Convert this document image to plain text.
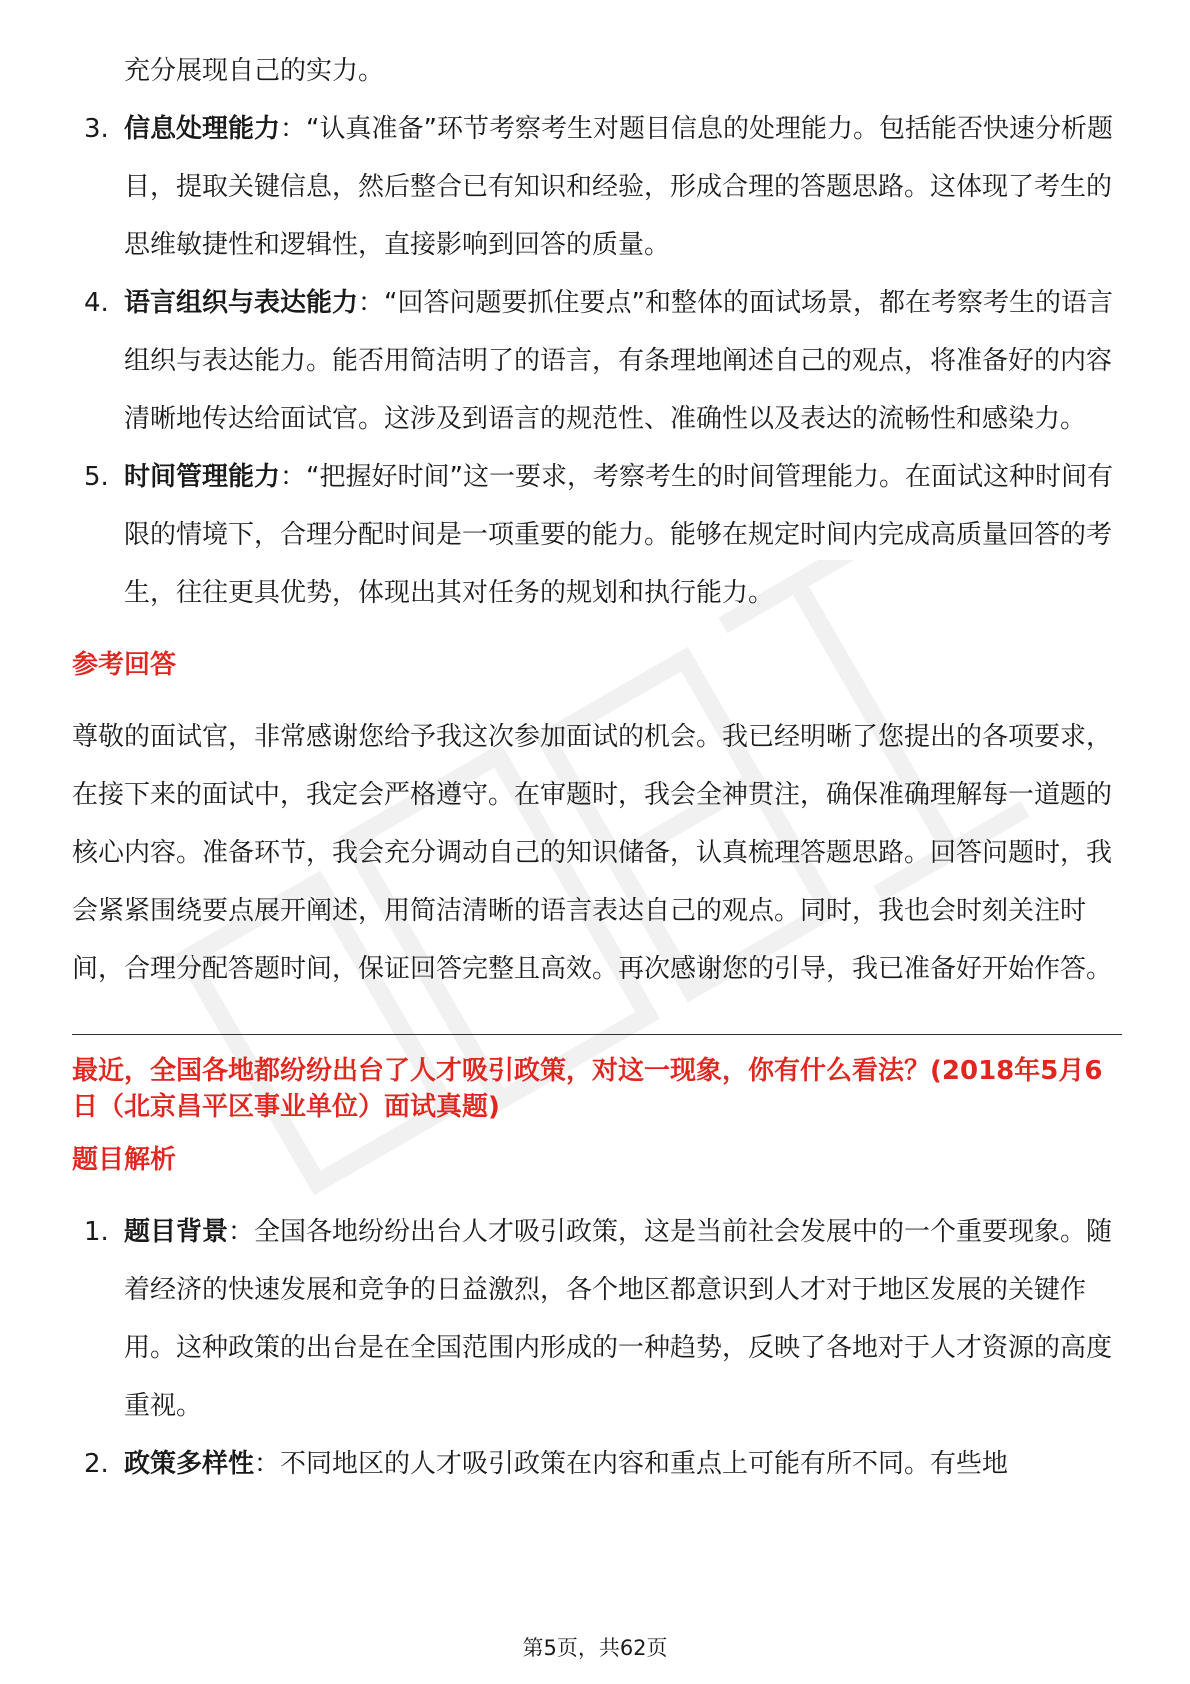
充分展现自己的实力。

3. 信息处理能力：“认真准备”环节考察考生对题目信息的处理能力。包括能否快速分析题目，提取关键信息，然后整合已有知识和经验，形成合理的答题思路。这体现了考生的思维敏捷性和逻辑性，直接影响到回答的质量。

4. 语言组织与表达能力：“回答问题要抓住要点”和整体的面试场景，都在考察考生的语言组织与表达能力。能否用简洁明了的语言，有条理地阐述自己的观点，将准备好的内容清晰地传达给面试官。这涉及到语言的规范性、准确性以及表达的流畅性和感染力。

5. 时间管理能力：“把握好时间”这一要求，考察考生的时间管理能力。在面试这种时间有限的情境下，合理分配时间是一项重要的能力。能够在规定时间内完成高质量回答的考生，往往更具优势，体现出其对任务的规划和执行能力。

参考回答

尊敬的面试官，非常感谢您给予我这次参加面试的机会。我已经明晰了您提出的各项要求，在接下来的面试中，我定会严格遵守。在审题时，我会全神贯注，确保准确理解每一道题的核心内容。准备环节，我会充分调动自己的知识储备，认真梳理答题思路。回答问题时，我会紧紧围绕要点展开阐述，用简洁清晰的语言表达自己的观点。同时，我也会时刻关注时间，合理分配答题时间，保证回答完整且高效。再次感谢您的引导，我已准备好开始作答。

最近，全国各地都纷纷出台了人才吸引政策，对这一现象，你有什么看法？(2018年5月6日（北京昌平区事业单位）面试真题)

题目解析

1. 题目背景：全国各地纷纷出台人才吸引政策，这是当前社会发展中的一个重要现象。随着经济的快速发展和竞争的日益激烈，各个地区都意识到人才对于地区发展的关键作用。这种政策的出台是在全国范围内形成的一种趋势，反映了各地对于人才资源的高度重视。

2. 政策多样性：不同地区的人才吸引政策在内容和重点上可能有所不同。有些地

第5页，共62页
